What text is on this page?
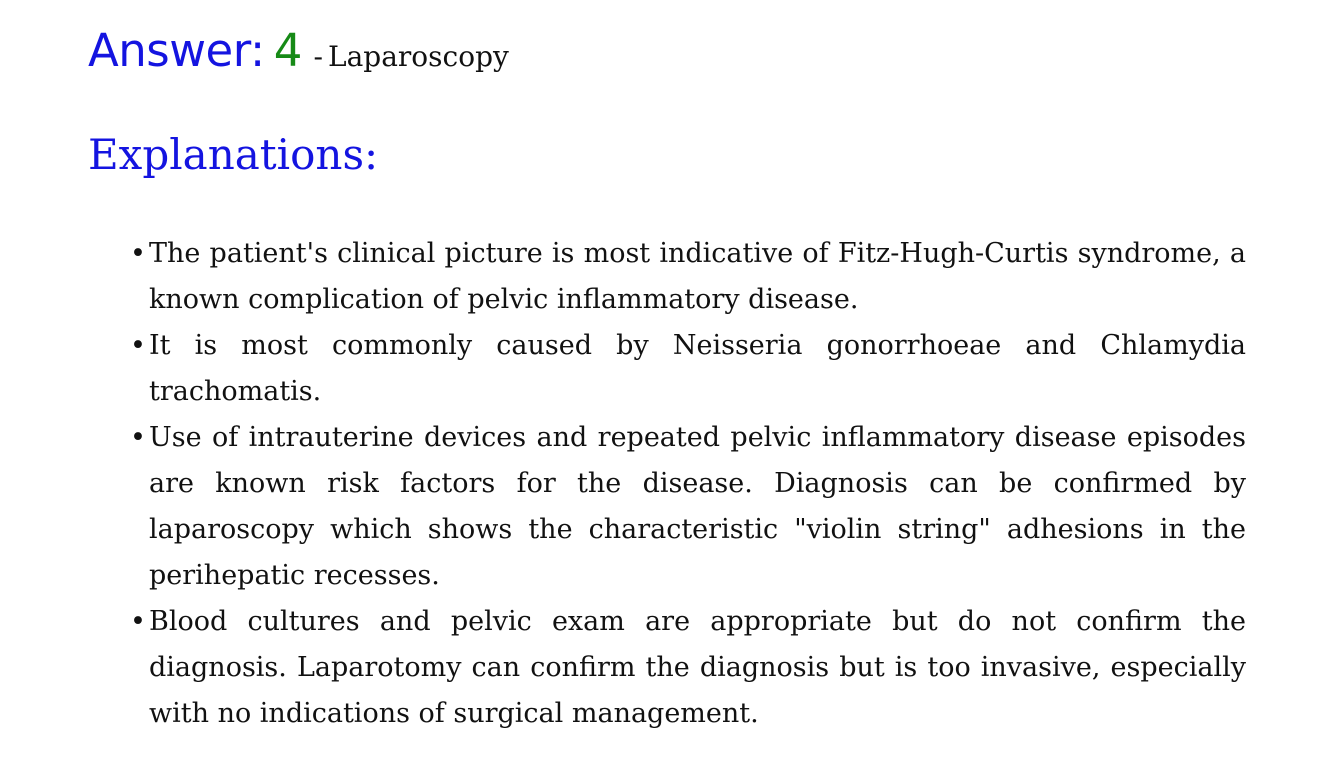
Answer: 4 - Laparoscopy
Explanations:
• The patient's clinical picture is most indicative of Fitz-Hugh-Curtis syndrome, a known complication of pelvic inflammatory disease.
• It is most commonly caused by Neisseria gonorrhoeae and Chlamydia trachomatis.
• Use of intrauterine devices and repeated pelvic inflammatory disease episodes are known risk factors for the disease. Diagnosis can be confirmed by laparoscopy which shows the characteristic "violin string" adhesions in the perihepatic recesses.
• Blood cultures and pelvic exam are appropriate but do not confirm the diagnosis. Laparotomy can confirm the diagnosis but is too invasive, especially with no indications of surgical management.
